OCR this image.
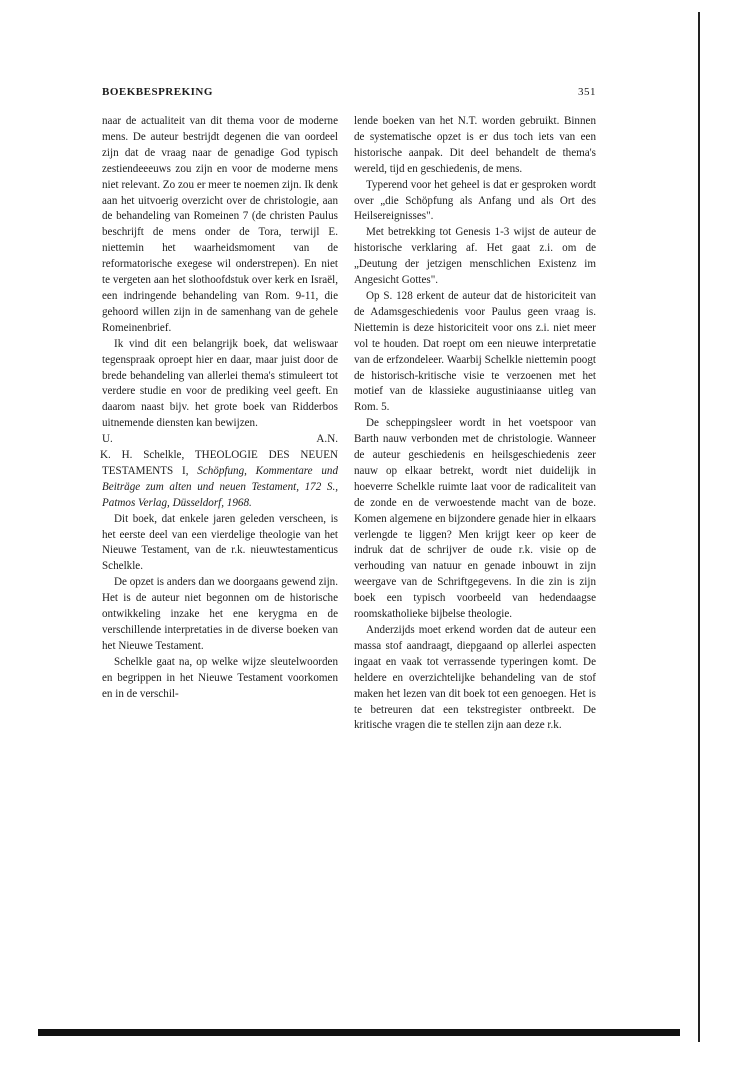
BOEKBESPREKING	351

naar de actualiteit van dit thema voor de moderne mens. De auteur bestrijdt degenen die van oordeel zijn dat de vraag naar de genadige God typisch zestiendeeeuws zou zijn en voor de moderne mens niet relevant. Zo zou er meer te noemen zijn. Ik denk aan het uitvoerig overzicht over de christologie, aan de behandeling van Romeinen 7 (de christen Paulus beschrijft de mens onder de Tora, terwijl E. niettemin het waarheidsmoment van de reformatorische exegese wil onderstrepen). En niet te vergeten aan het slothoofdstuk over kerk en Israël, een indringende behandeling van Rom. 9-11, die gehoord willen zijn in de samenhang van de gehele Romeinenbrief.

Ik vind dit een belangrijk boek, dat weliswaar tegenspraak oproept hier en daar, maar juist door de brede behandeling van allerlei thema's stimuleert tot verdere studie en voor de prediking veel geeft. En daarom naast bijv. het grote boek van Ridderbos uitnemende diensten kan bewijzen.

U.	A.N.

K. H. Schelkle, THEOLOGIE DES NEUEN TESTAMENTS I, Schöpfung, Kommentare und Beiträge zum alten und neuen Testament, 172 S., Patmos Verlag, Düsseldorf, 1968.

Dit boek, dat enkele jaren geleden verscheen, is het eerste deel van een vierdelige theologie van het Nieuwe Testament, van de r.k. nieuwtestamenticus Schelkle.

De opzet is anders dan we doorgaans gewend zijn. Het is de auteur niet begonnen om de historische ontwikkeling inzake het ene kerygma en de verschillende interpretaties in de diverse boeken van het Nieuwe Testament.

Schelkle gaat na, op welke wijze sleutelwoorden en begrippen in het Nieuwe Testament voorkomen en in de verschil-

lende boeken van het N.T. worden gebruikt. Binnen de systematische opzet is er dus toch iets van een historische aanpak. Dit deel behandelt de thema's wereld, tijd en geschiedenis, de mens.

Typerend voor het geheel is dat er gesproken wordt over „die Schöpfung als Anfang und als Ort des Heilsereignisses".

Met betrekking tot Genesis 1-3 wijst de auteur de historische verklaring af. Het gaat z.i. om de „Deutung der jetzigen menschlichen Existenz im Angesicht Gottes".

Op S. 128 erkent de auteur dat de historiciteit van de Adamsgeschiedenis voor Paulus geen vraag is. Niettemin is deze historiciteit voor ons z.i. niet meer vol te houden. Dat roept om een nieuwe interpretatie van de erfzondeleer. Waarbij Schelkle niettemin poogt de historisch-kritische visie te verzoenen met het motief van de klassieke augustiniaanse uitleg van Rom. 5.

De scheppingsleer wordt in het voetspoor van Barth nauw verbonden met de christologie. Wanneer de auteur geschiedenis en heilsgeschiedenis zeer nauw op elkaar betrekt, wordt niet duidelijk in hoeverre Schelkle ruimte laat voor de radicaliteit van de zonde en de verwoestende macht van de boze. Komen algemene en bijzondere genade hier in elkaars verlengde te liggen? Men krijgt keer op keer de indruk dat de schrijver de oude r.k. visie op de verhouding van natuur en genade inbouwt in zijn weergave van de Schriftgegevens. In die zin is zijn boek een typisch voorbeeld van hedendaagse roomskatholieke bijbelse theologie.

Anderzijds moet erkend worden dat de auteur een massa stof aandraagt, diepgaand op allerlei aspecten ingaat en vaak tot verrassende typeringen komt. De heldere en overzichtelijke behandeling van de stof maken het lezen van dit boek tot een genoegen. Het is te betreuren dat een tekstregister ontbreekt. De kritische vragen die te stellen zijn aan deze r.k.
